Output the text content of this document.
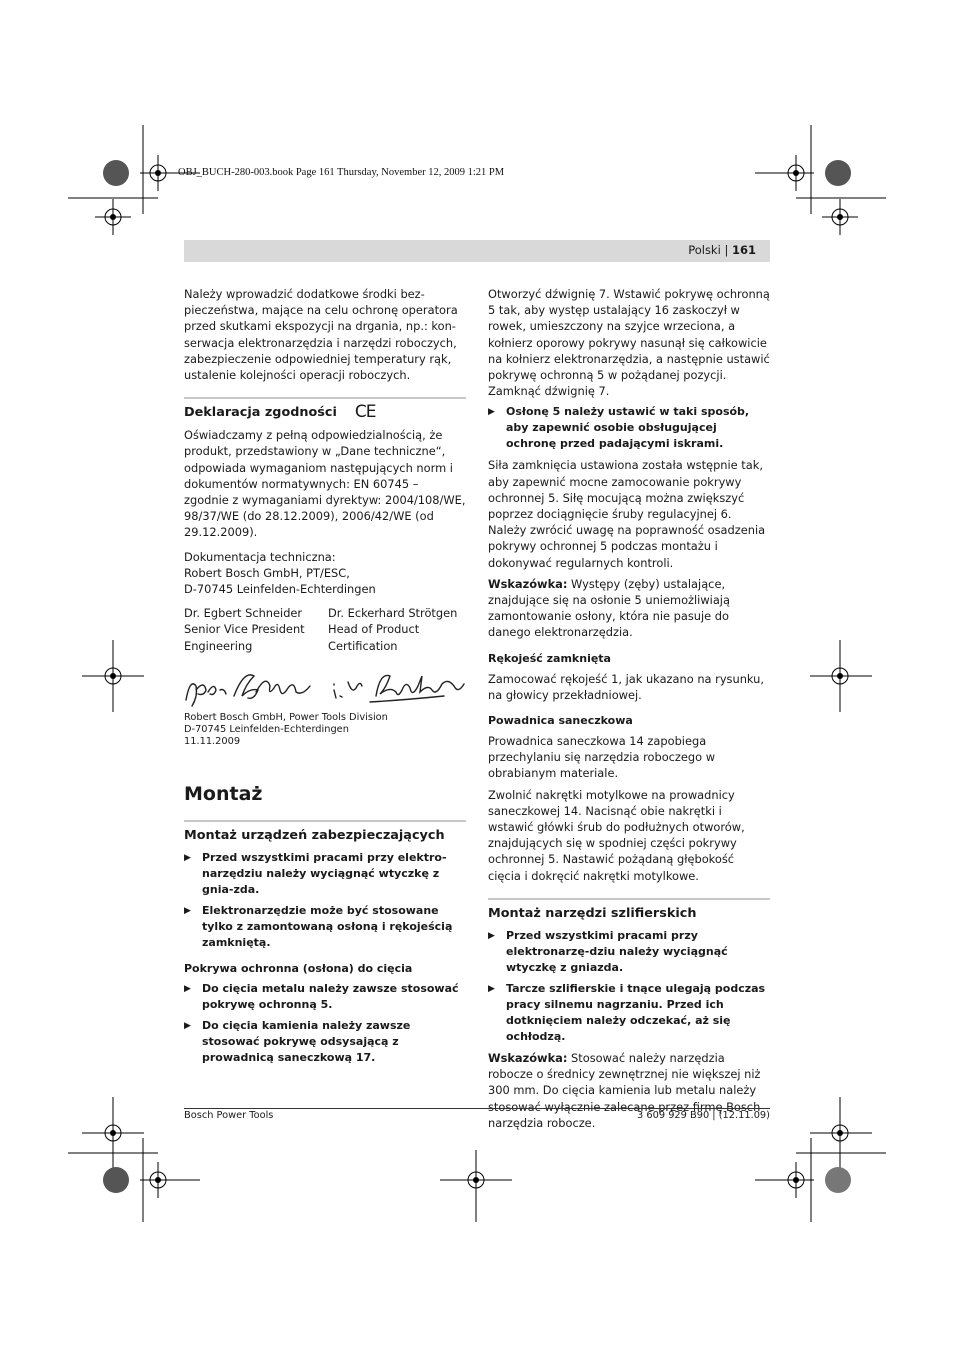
OBJ_BUCH-280-003.book Page 161 Thursday, November 12, 2009 1:21 PM
Polski | 161

Należy wprowadzić dodatkowe środki bez-pieczeństwa, mające na celu ochronę operatora przed skutkami ekspozycji na drgania, np.: kon-serwacja elektronarzędzia i narzędzi roboczych, zabezpieczenie odpowiedniej temperatury rąk, ustalenie kolejności operacji roboczych.

Deklaracja zgodności CE

Oświadczamy z pełną odpowiedzialnością, że produkt, przedstawiony w „Dane techniczne“, odpowiada wymaganiom następujących norm i dokumentów normatywnych: EN 60745 – zgodnie z wymaganiami dyrektyw: 2004/108/WE, 98/37/WE (do 28.12.2009), 2006/42/WE (od 29.12.2009).

Dokumentacja techniczna:
Robert Bosch GmbH, PT/ESC,
D-70745 Leinfelden-Echterdingen
Dr. Egbert Schneider
Senior Vice President
Engineering
Dr. Eckerhard Strötgen
Head of Product
Certification
Robert Bosch GmbH, Power Tools Division
D-70745 Leinfelden-Echterdingen
11.11.2009
Montaż
Montaż urządzeń zabezpieczających
▶	Przed wszystkimi pracami przy elektro-narzędziu należy wyciągnąć wtyczkę z gnia-zda.
▶	Elektronarzędzie może być stosowane tylko z zamontowaną osłoną i rękojeścią zamkniętą.
Pokrywa ochronna (osłona) do cięcia
▶	Do cięcia metalu należy zawsze stosować pokrywę ochronną 5.
▶	Do cięcia kamienia należy zawsze stosować pokrywę odsysającą z prowadnicą saneczkową 17.

Otworzyć dźwignię 7. Wstawić pokrywę ochronną 5 tak, aby występ ustalający 16 zaskoczył w rowek, umieszczony na szyjce wrzeciona, a kołnierz oporowy pokrywy nasunął się całkowicie na kołnierz elektronarzędzia, a następnie ustawić pokrywę ochronną 5 w pożądanej pozycji. Zamknąć dźwignię 7.

▶	Osłonę 5 należy ustawić w taki sposób, aby zapewnić osobie obsługującej ochronę przed padającymi iskrami.

Siła zamknięcia ustawiona została wstępnie tak, aby zapewnić mocne zamocowanie pokrywy ochronnej 5. Siłę mocującą można zwiększyć poprzez dociągnięcie śruby regulacyjnej 6.

Należy zwrócić uwagę na poprawność osadzenia pokrywy ochronnej 5 podczas montażu i dokonywać regularnych kontroli.

Wskazówka: Występy (zęby) ustalające, znajdujące się na osłonie 5 uniemożliwiają zamontowanie osłony, która nie pasuje do danego elektronarzędzia.

Rękojeść zamknięta

Zamocować rękojeść 1, jak ukazano na rysunku, na głowicy przekładniowej.

Powadnica saneczkowa

Prowadnica saneczkowa 14 zapobiega przechylaniu się narzędzia roboczego w obrabianym materiale.

Zwolnić nakrętki motylkowe na prowadnicy saneczkowej 14. Nacisnąć obie nakrętki i wstawić główki śrub do podłużnych otworów, znajdujących się w spodniej części pokrywy ochronnej 5. Nastawić pożądaną głębokość cięcia i dokręcić nakrętki motylkowe.

Montaż narzędzi szlifierskich
▶	Przed wszystkimi pracami przy elektronarzę-dziu należy wyciągnąć wtyczkę z gniazda.
▶	Tarcze szlifierskie i tnące ulegają podczas pracy silnemu nagrzaniu. Przed ich dotknięciem należy odczekać, aż się ochłodzą.

Wskazówka: Stosować należy narzędzia robocze o średnicy zewnętrznej nie większej niż 300 mm. Do cięcia kamienia lub metalu należy stosować wyłącznie zalecane przez firmę Bosch narzędzia robocze.

Bosch Power Tools	3 609 929 B90 | (12.11.09)
